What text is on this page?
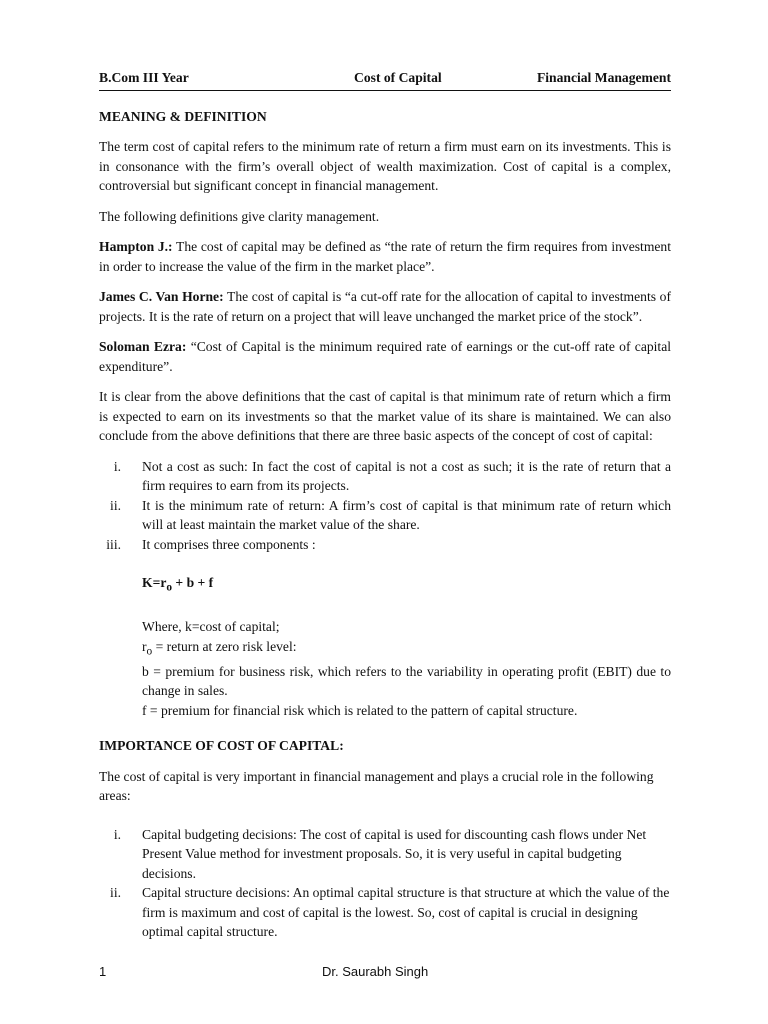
B.Com III Year	Cost of Capital	Financial Management
MEANING & DEFINITION

The term cost of capital refers to the minimum rate of return a firm must earn on its investments. This is in consonance with the firm’s overall object of wealth maximization. Cost of capital is a complex, controversial but significant concept in financial management.

The following definitions give clarity management.

Hampton J.: The cost of capital may be defined as “the rate of return the firm requires from investment in order to increase the value of the firm in the market place”.

James C. Van Horne: The cost of capital is “a cut-off rate for the allocation of capital to investments of projects. It is the rate of return on a project that will leave unchanged the market price of the stock”.

Soloman Ezra: “Cost of Capital is the minimum required rate of earnings or the cut-off rate of capital expenditure”.

It is clear from the above definitions that the cast of capital is that minimum rate of return which a firm is expected to earn on its investments so that the market value of its share is maintained. We can also conclude from the above definitions that there are three basic aspects of the concept of cost of capital:

i. Not a cost as such: In fact the cost of capital is not a cost as such; it is the rate of return that a firm requires to earn from its projects.
ii. It is the minimum rate of return: A firm’s cost of capital is that minimum rate of return which will at least maintain the market value of the share.
iii. It comprises three components :
$K=r_o + b + f$

Where, k=cost of capital;

$r_o$ = return at zero risk level:

b = premium for business risk, which refers to the variability in operating profit (EBIT) due to change in sales.

f = premium for financial risk which is related to the pattern of capital structure.

IMPORTANCE OF COST OF CAPITAL:

The cost of capital is very important in financial management and plays a crucial role in the following areas:

i. Capital budgeting decisions: The cost of capital is used for discounting cash flows under Net Present Value method for investment proposals. So, it is very useful in capital budgeting decisions.
ii. Capital structure decisions: An optimal capital structure is that structure at which the value of the firm is maximum and cost of capital is the lowest. So, cost of capital is crucial in designing optimal capital structure.
1	Dr. Saurabh Singh
